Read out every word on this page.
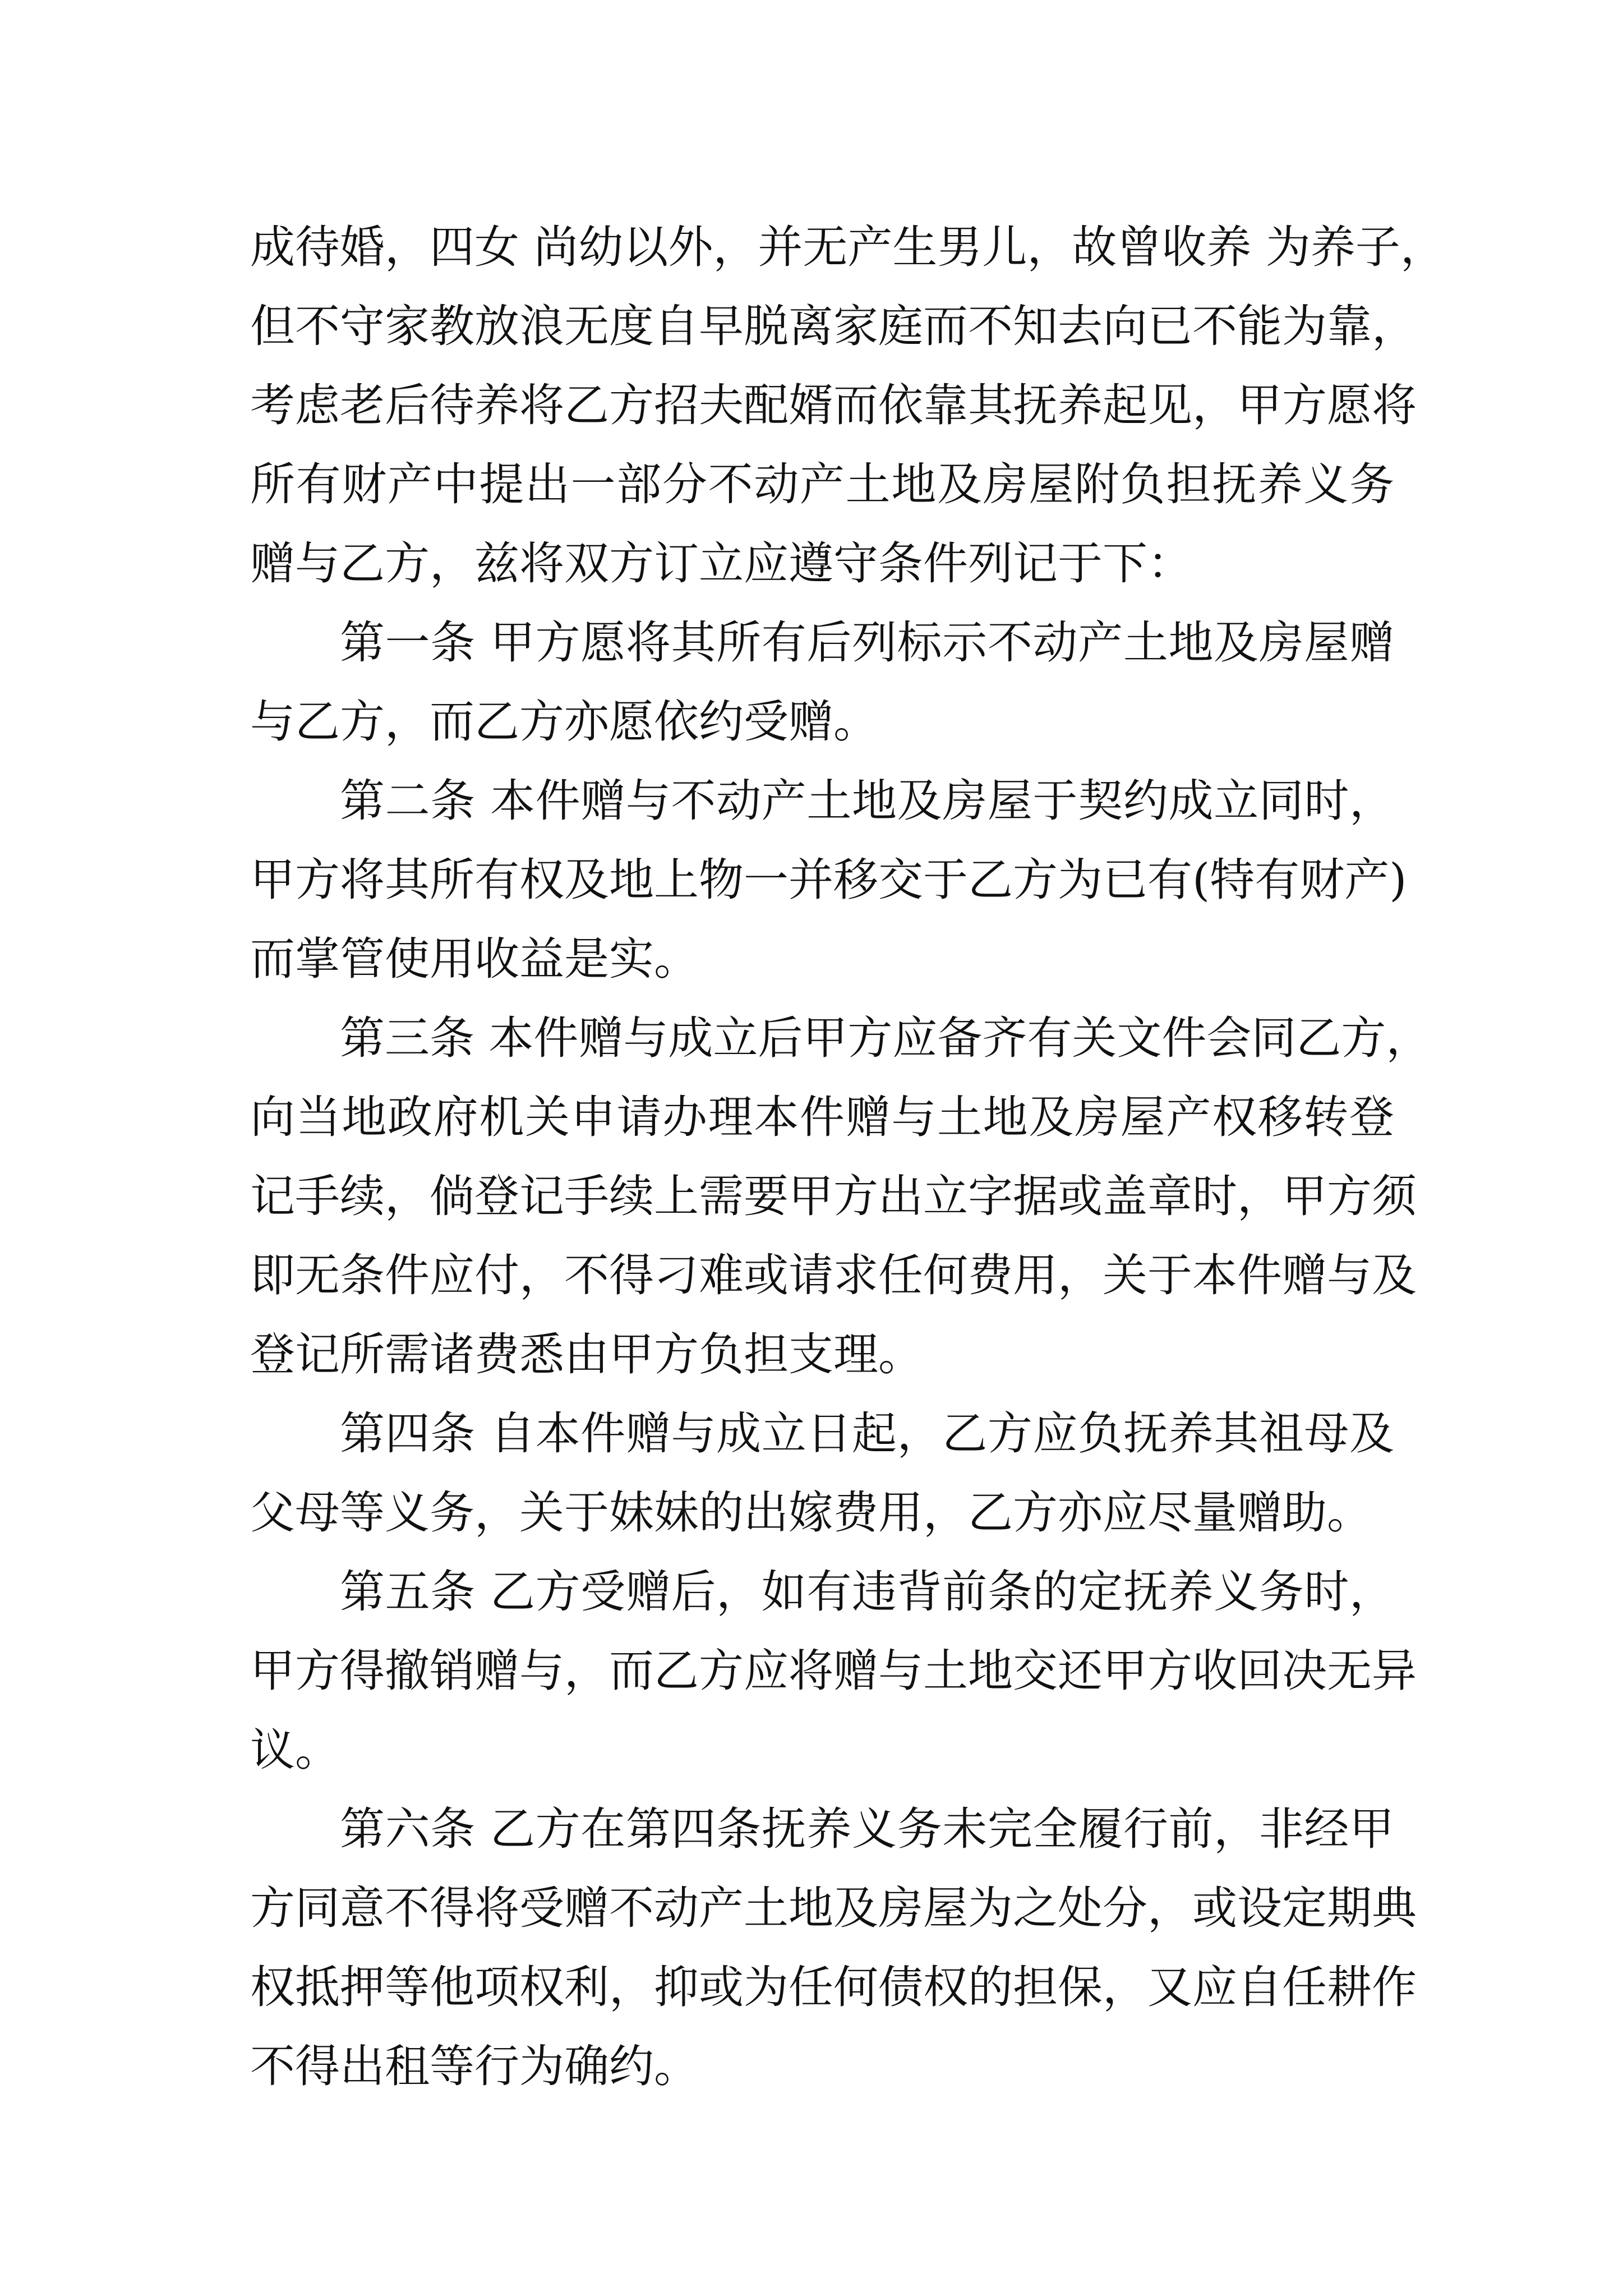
成待婚，四女 尚幼以外，并无产生男儿，故曾收养 为养子，
但不守家教放浪无度自早脱离家庭而不知去向已不能为靠，
考虑老后待养将乙方招夫配婿而依靠其抚养起见，甲方愿将
所有财产中提出一部分不动产土地及房屋附负担抚养义务
赠与乙方，兹将双方订立应遵守条件列记于下：

第一条 甲方愿将其所有后列标示不动产土地及房屋赠
与乙方，而乙方亦愿依约受赠。

第二条 本件赠与不动产土地及房屋于契约成立同时，
甲方将其所有权及地上物一并移交于乙方为已有(特有财产)
而掌管使用收益是实。

第三条 本件赠与成立后甲方应备齐有关文件会同乙方，
向当地政府机关申请办理本件赠与土地及房屋产权移转登
记手续，倘登记手续上需要甲方出立字据或盖章时，甲方须
即无条件应付，不得刁难或请求任何费用，关于本件赠与及
登记所需诸费悉由甲方负担支理。

第四条 自本件赠与成立日起，乙方应负抚养其祖母及
父母等义务，关于妹妹的出嫁费用，乙方亦应尽量赠助。

第五条 乙方受赠后，如有违背前条的定抚养义务时，
甲方得撤销赠与，而乙方应将赠与土地交还甲方收回决无异
议。

第六条 乙方在第四条抚养义务未完全履行前，非经甲
方同意不得将受赠不动产土地及房屋为之处分，或设定期典
权抵押等他项权利，抑或为任何债权的担保，又应自任耕作
不得出租等行为确约。
